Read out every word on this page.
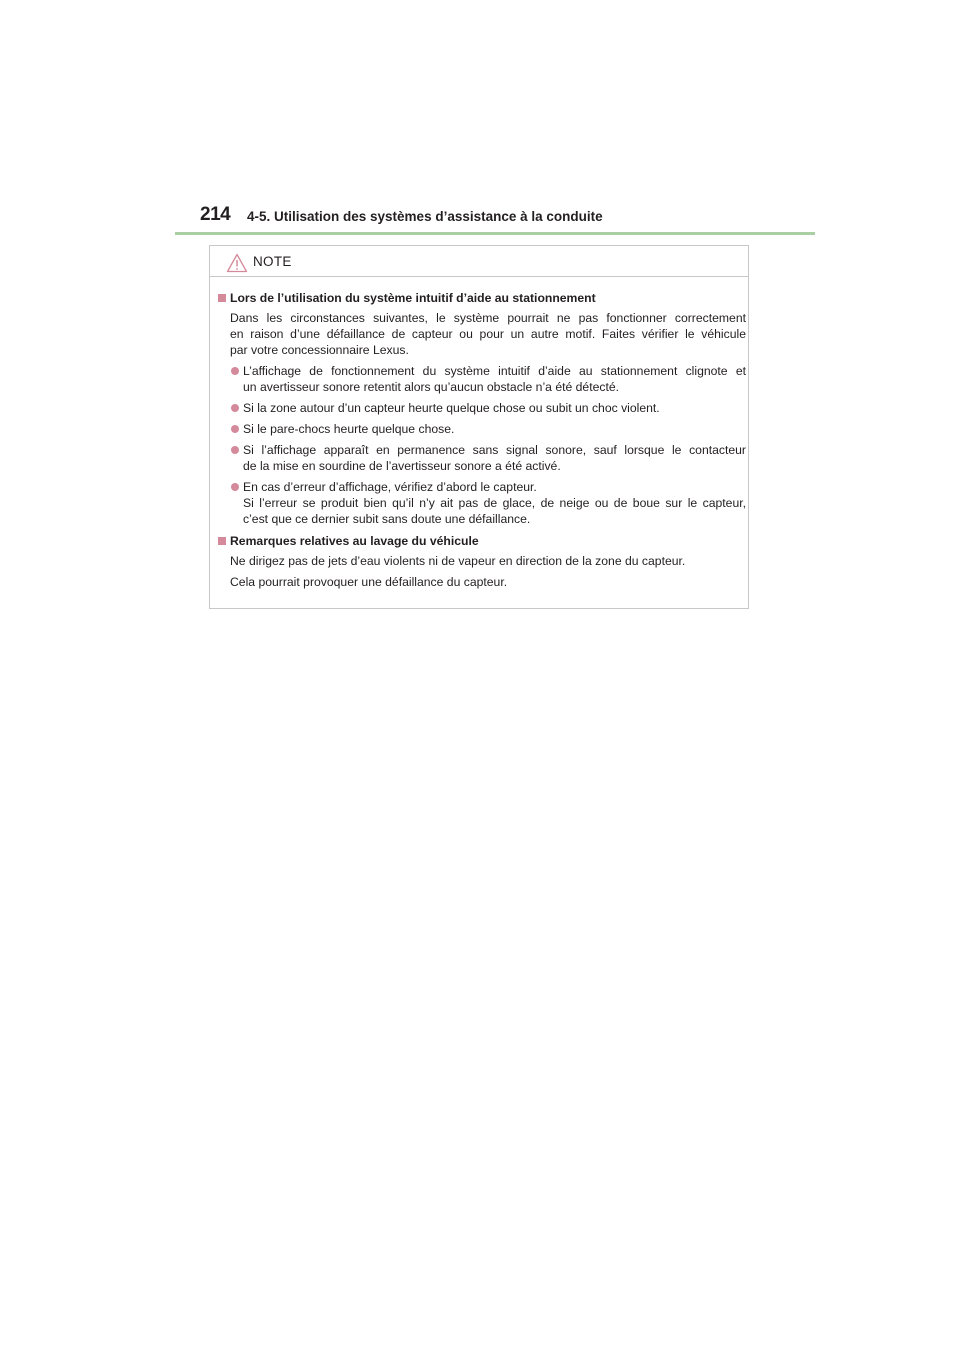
214 4-5. Utilisation des systèmes d’assistance à la conduite
NOTE
Lors de l’utilisation du système intuitif d’aide au stationnement
Dans les circonstances suivantes, le système pourrait ne pas fonctionner correctement
en raison d’une défaillance de capteur ou pour un autre motif. Faites vérifier le véhicule
par votre concessionnaire Lexus.
L’affichage de fonctionnement du système intuitif d’aide au stationnement clignote et
un avertisseur sonore retentit alors qu’aucun obstacle n’a été détecté.
Si la zone autour d’un capteur heurte quelque chose ou subit un choc violent.
Si le pare-chocs heurte quelque chose.
Si l’affichage apparaît en permanence sans signal sonore, sauf lorsque le contacteur
de la mise en sourdine de l’avertisseur sonore a été activé.
En cas d’erreur d’affichage, vérifiez d’abord le capteur.
Si l’erreur se produit bien qu’il n’y ait pas de glace, de neige ou de boue sur le capteur,
c’est que ce dernier subit sans doute une défaillance.
Remarques relatives au lavage du véhicule
Ne dirigez pas de jets d’eau violents ni de vapeur en direction de la zone du capteur.
Cela pourrait provoquer une défaillance du capteur.
